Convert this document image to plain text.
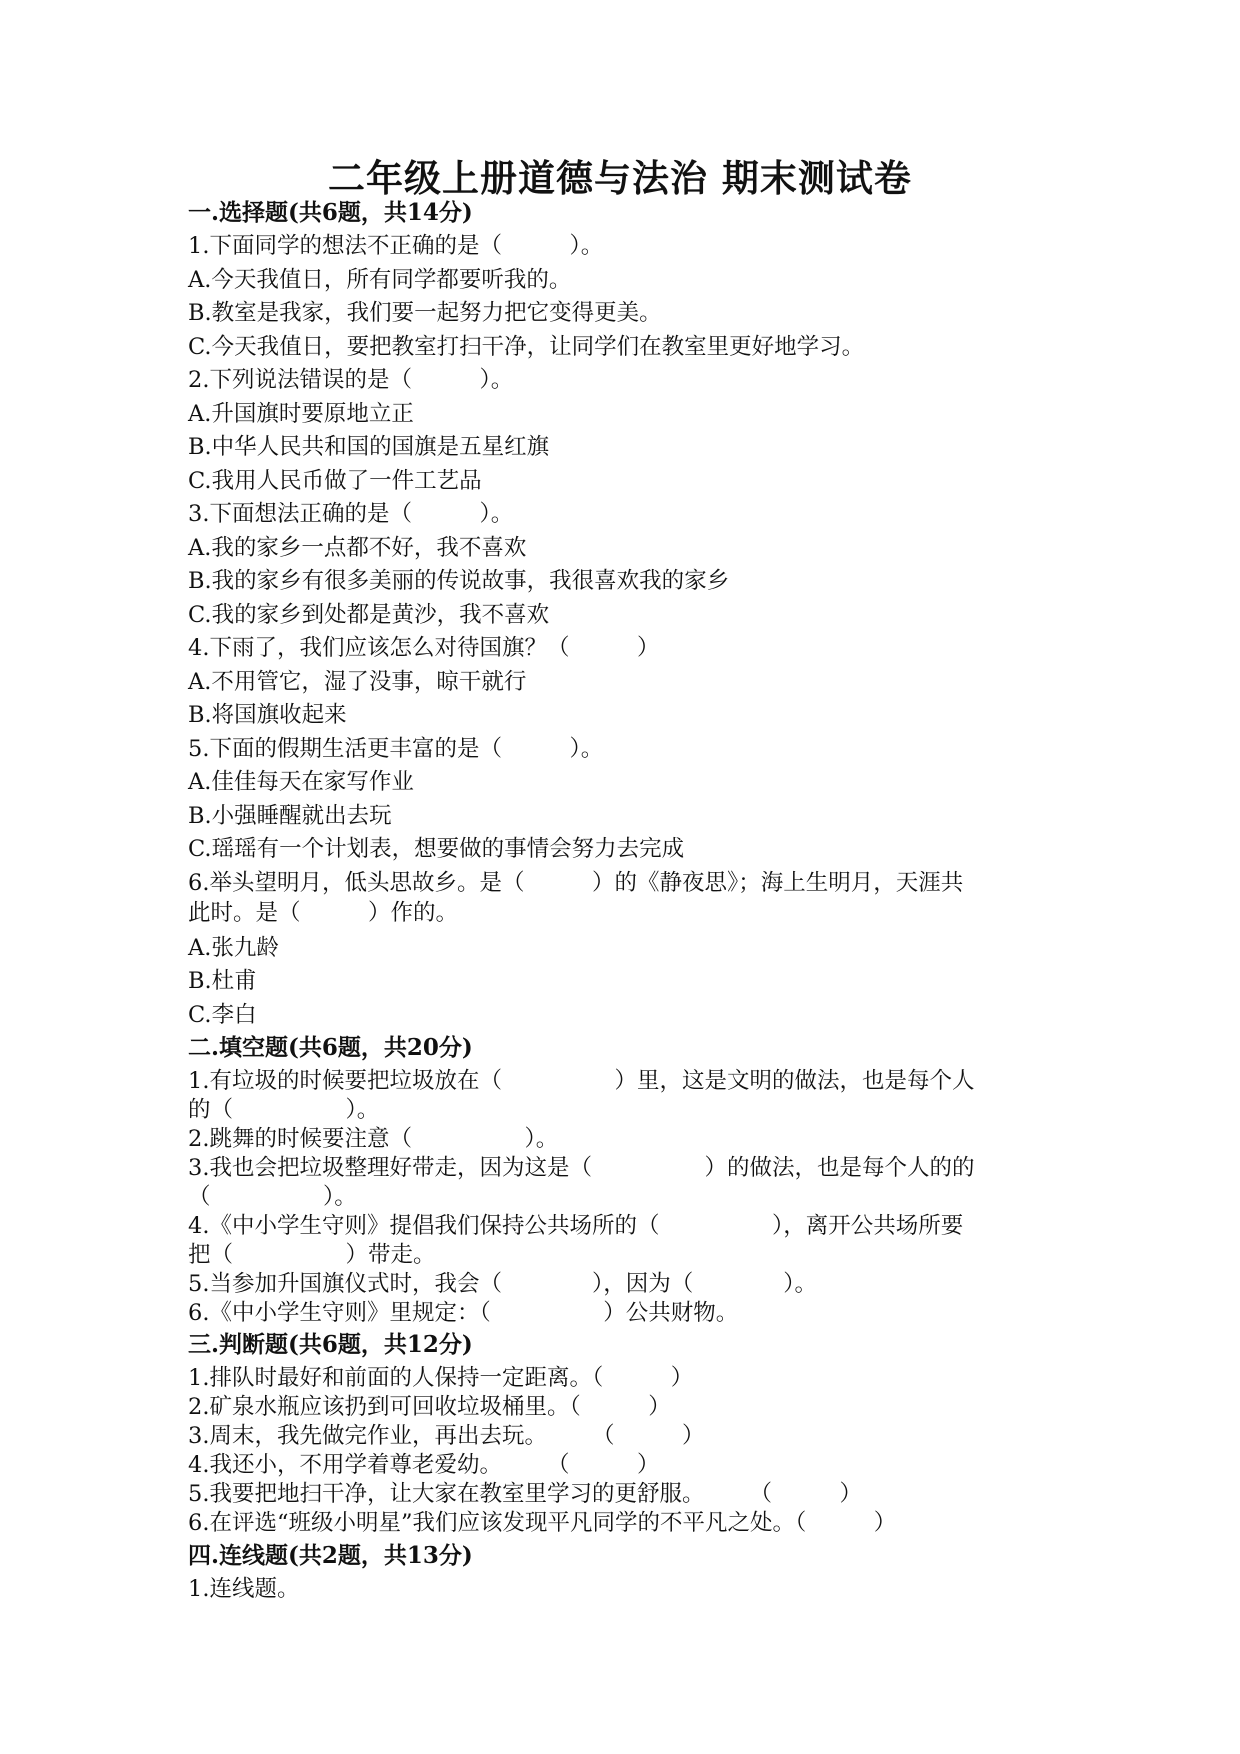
二年级上册道德与法治 期末测试卷
一.选择题(共6题，共14分)
1.下面同学的想法不正确的是（　　　）。
A.今天我值日，所有同学都要听我的。
B.教室是我家，我们要一起努力把它变得更美。
C.今天我值日，要把教室打扫干净，让同学们在教室里更好地学习。
2.下列说法错误的是（　　　）。
A.升国旗时要原地立正
B.中华人民共和国的国旗是五星红旗
C.我用人民币做了一件工艺品
3.下面想法正确的是（　　　）。
A.我的家乡一点都不好，我不喜欢
B.我的家乡有很多美丽的传说故事，我很喜欢我的家乡
C.我的家乡到处都是黄沙，我不喜欢
4.下雨了，我们应该怎么对待国旗？（　　　）
A.不用管它，湿了没事，晾干就行
B.将国旗收起来
5.下面的假期生活更丰富的是（　　　）。
A.佳佳每天在家写作业
B.小强睡醒就出去玩
C.瑶瑶有一个计划表，想要做的事情会努力去完成
6.举头望明月，低头思故乡。是（　　　）的《静夜思》；海上生明月，天涯共
此时。是（　　　）作的。
A.张九龄
B.杜甫
C.李白
二.填空题(共6题，共20分)
1.有垃圾的时候要把垃圾放在（　　　　　）里，这是文明的做法，也是每个人
的（　　　　　）。
2.跳舞的时候要注意（　　　　　）。
3.我也会把垃圾整理好带走，因为这是（　　　　　）的做法，也是每个人的的
（　　　　　）。
4.《中小学生守则》提倡我们保持公共场所的（　　　　　），离开公共场所要
把（　　　　　）带走。
5.当参加升国旗仪式时，我会（　　　　），因为（　　　　）。
6.《中小学生守则》里规定：（　　　　　）公共财物。
三.判断题(共6题，共12分)
1.排队时最好和前面的人保持一定距离。（　　　）
2.矿泉水瓶应该扔到可回收垃圾桶里。（　　　）
3.周末，我先做完作业，再出去玩。　　　（　　　）
4.我还小，不用学着尊老爱幼。　　　（　　　）
5.我要把地扫干净，让大家在教室里学习的更舒服。　　　（　　　）
6.在评选“班级小明星”我们应该发现平凡同学的不平凡之处。（　　　）
四.连线题(共2题，共13分)
1.连线题。
